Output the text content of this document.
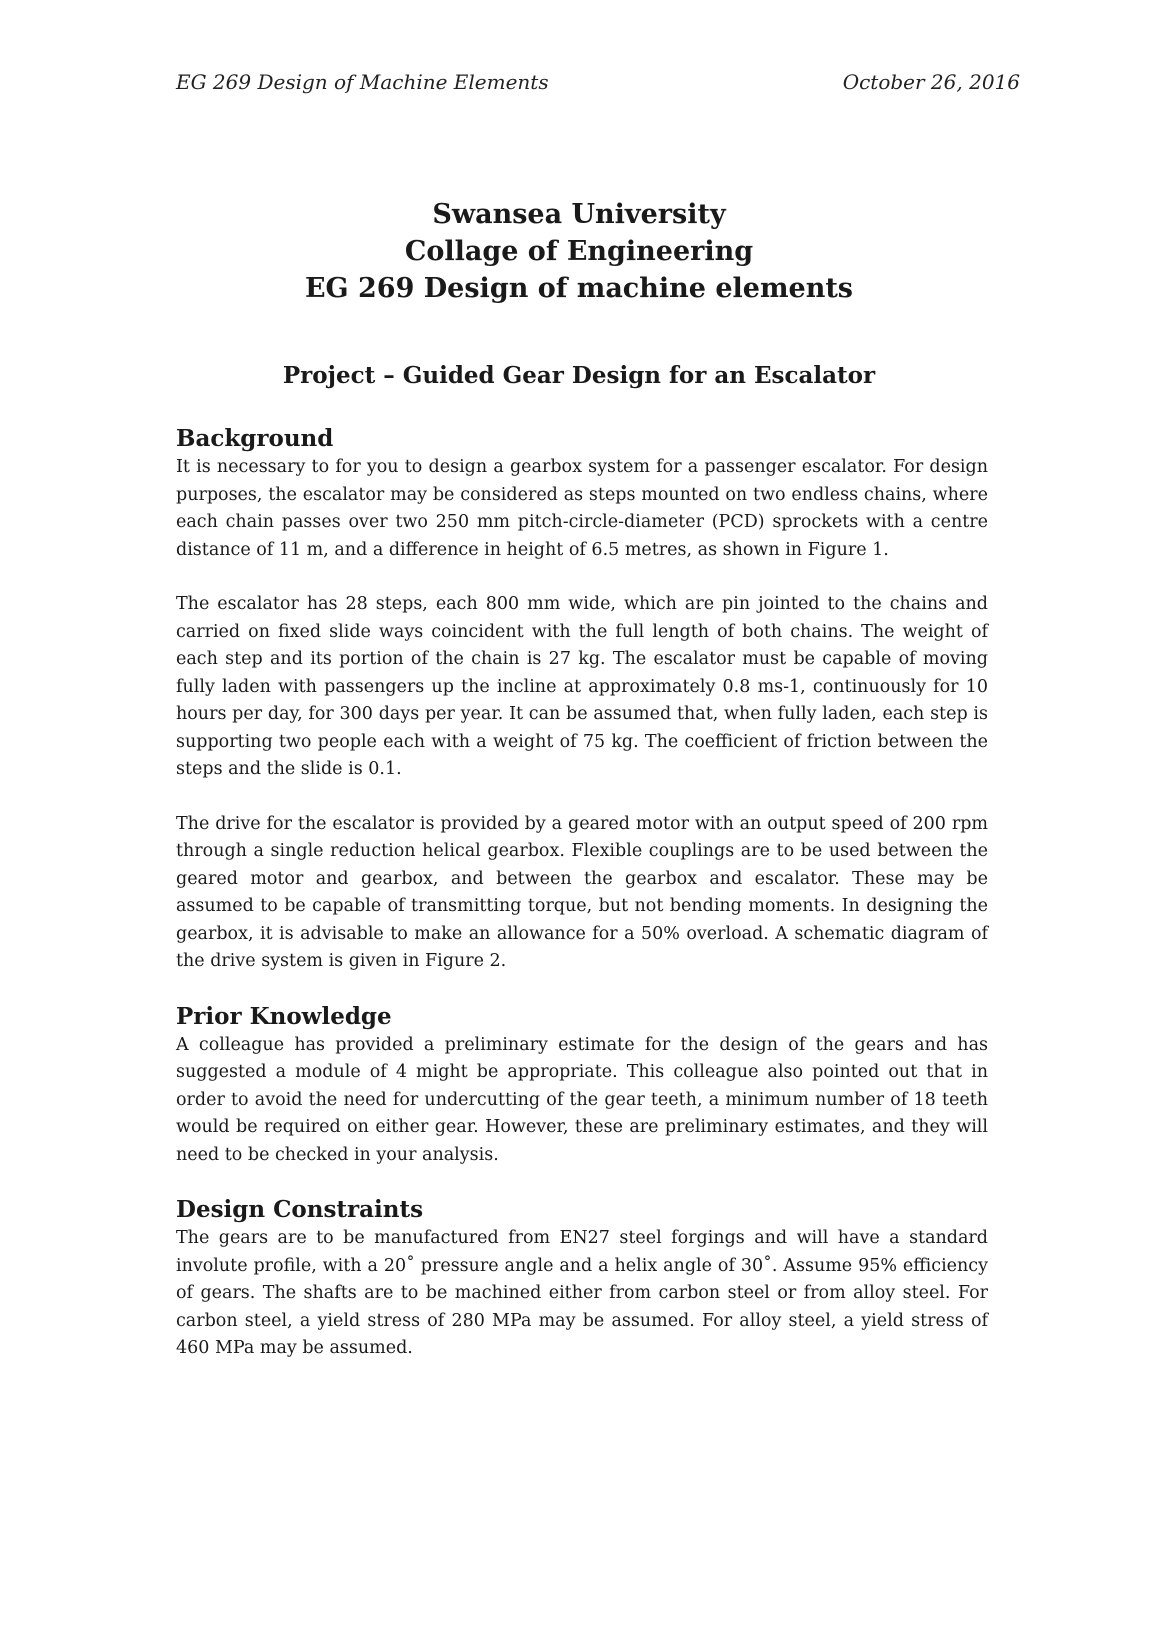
EG 269 Design of Machine Elements	October 26, 2016
Swansea University
Collage of Engineering
EG 269 Design of machine elements
Project – Guided Gear Design for an Escalator
Background

It is necessary to for you to design a gearbox system for a passenger escalator. For design purposes, the escalator may be considered as steps mounted on two endless chains, where each chain passes over two 250 mm pitch-circle-diameter (PCD) sprockets with a centre distance of 11 m, and a difference in height of 6.5 metres, as shown in Figure 1.

The escalator has 28 steps, each 800 mm wide, which are pin jointed to the chains and carried on fixed slide ways coincident with the full length of both chains. The weight of each step and its portion of the chain is 27 kg. The escalator must be capable of moving fully laden with passengers up the incline at approximately 0.8 ms-1, continuously for 10 hours per day, for 300 days per year. It can be assumed that, when fully laden, each step is supporting two people each with a weight of 75 kg. The coefficient of friction between the steps and the slide is 0.1.

The drive for the escalator is provided by a geared motor with an output speed of 200 rpm through a single reduction helical gearbox. Flexible couplings are to be used between the geared motor and gearbox, and between the gearbox and escalator. These may be assumed to be capable of transmitting torque, but not bending moments. In designing the gearbox, it is advisable to make an allowance for a 50% overload. A schematic diagram of the drive system is given in Figure 2.

Prior Knowledge

A colleague has provided a preliminary estimate for the design of the gears and has suggested a module of 4 might be appropriate. This colleague also pointed out that in order to avoid the need for undercutting of the gear teeth, a minimum number of 18 teeth would be required on either gear. However, these are preliminary estimates, and they will need to be checked in your analysis.

Design Constraints

The gears are to be manufactured from EN27 steel forgings and will have a standard involute profile, with a 20˚ pressure angle and a helix angle of 30˚. Assume 95% efficiency of gears. The shafts are to be machined either from carbon steel or from alloy steel. For carbon steel, a yield stress of 280 MPa may be assumed. For alloy steel, a yield stress of 460 MPa may be assumed.
